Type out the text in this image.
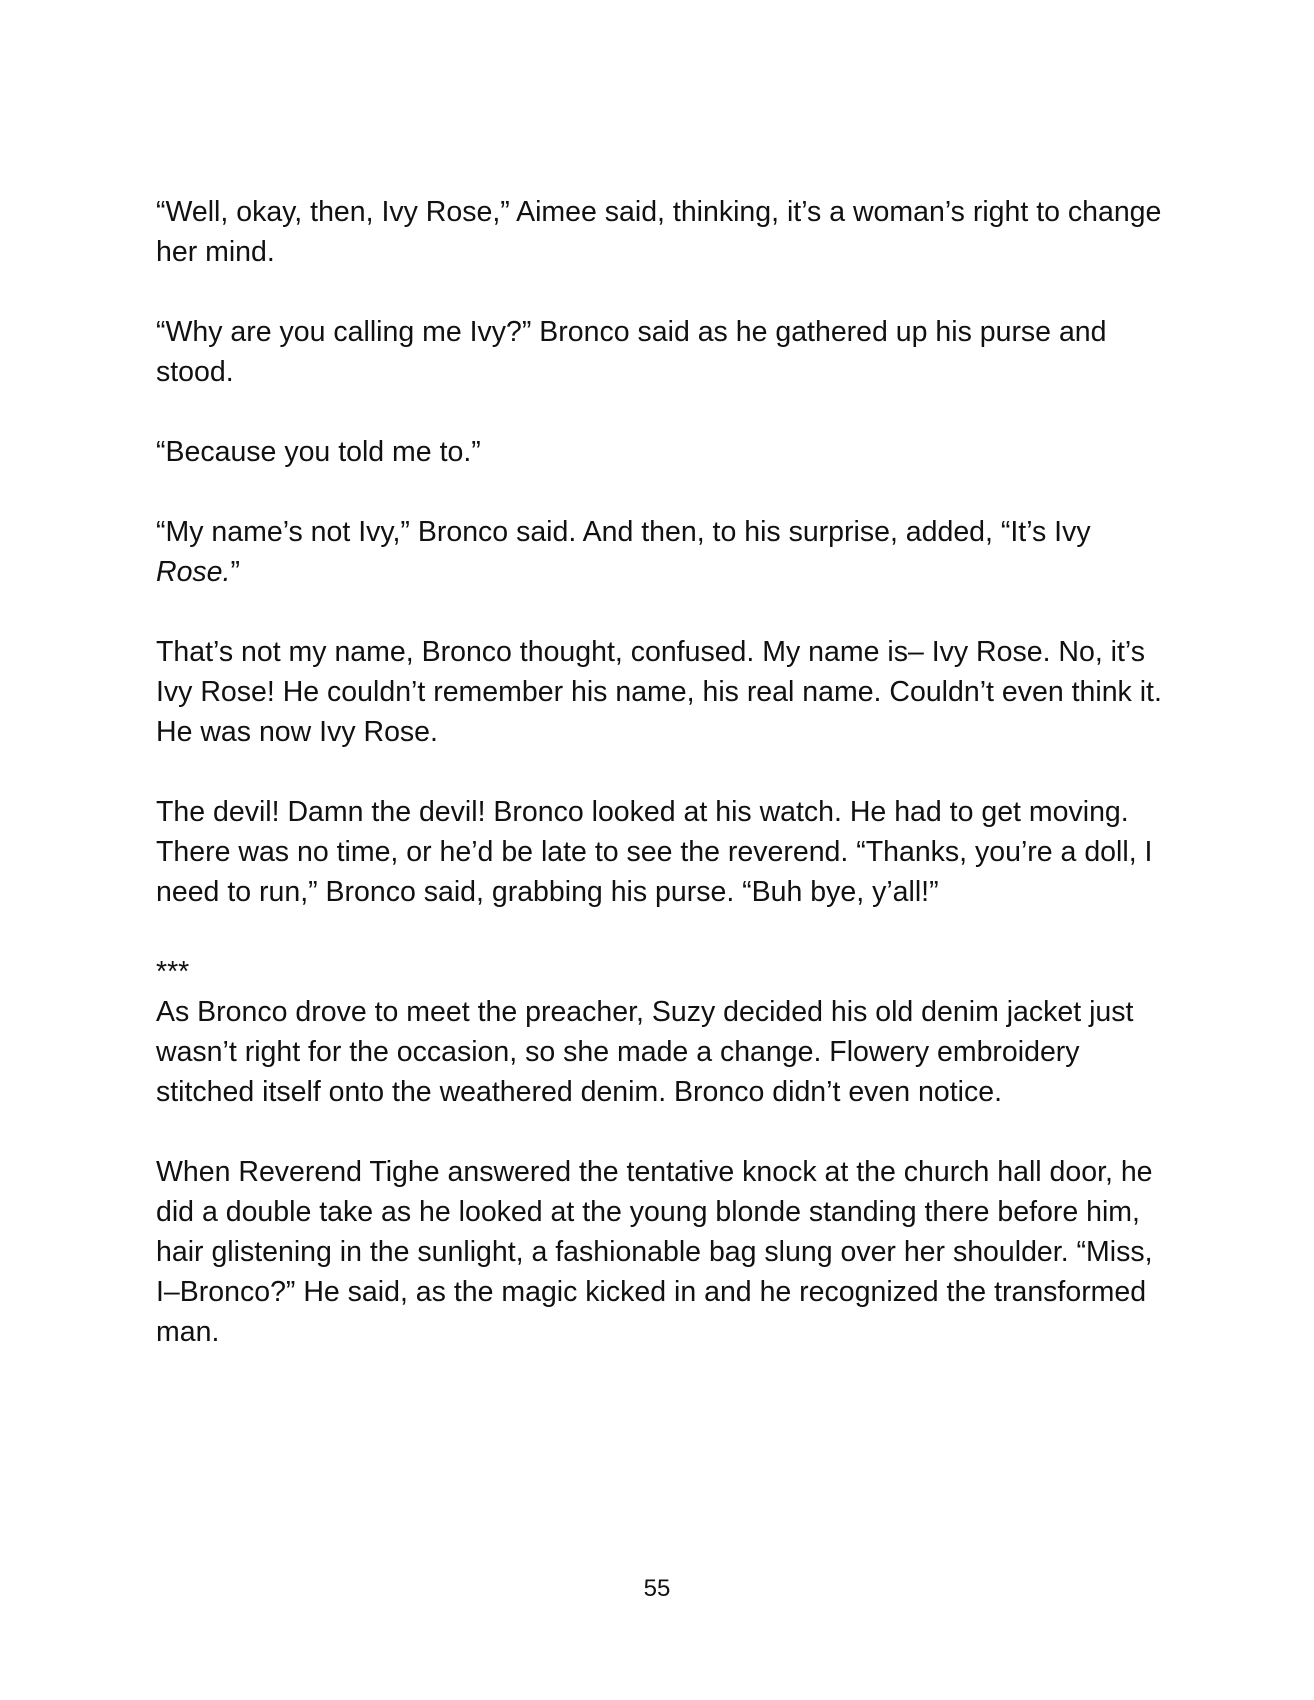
“Well, okay, then, Ivy Rose,” Aimee said, thinking, it’s a woman’s right to change her mind.

“Why are you calling me Ivy?” Bronco said as he gathered up his purse and stood.

“Because you told me to.”

“My name’s not Ivy,” Bronco said. And then, to his surprise, added, “It’s Ivy Rose.”

That’s not my name, Bronco thought, confused. My name is– Ivy Rose. No, it’s Ivy Rose! He couldn’t remember his name, his real name. Couldn’t even think it. He was now Ivy Rose.

The devil! Damn the devil! Bronco looked at his watch. He had to get moving. There was no time, or he’d be late to see the reverend. “Thanks, you’re a doll, I need to run,” Bronco said, grabbing his purse. “Buh bye, y’all!”

***

As Bronco drove to meet the preacher, Suzy decided his old denim jacket just wasn’t right for the occasion, so she made a change. Flowery embroidery stitched itself onto the weathered denim. Bronco didn’t even notice.

When Reverend Tighe answered the tentative knock at the church hall door, he did a double take as he looked at the young blonde standing there before him, hair glistening in the sunlight, a fashionable bag slung over her shoulder. “Miss, I–Bronco?” He said, as the magic kicked in and he recognized the transformed man.

55
